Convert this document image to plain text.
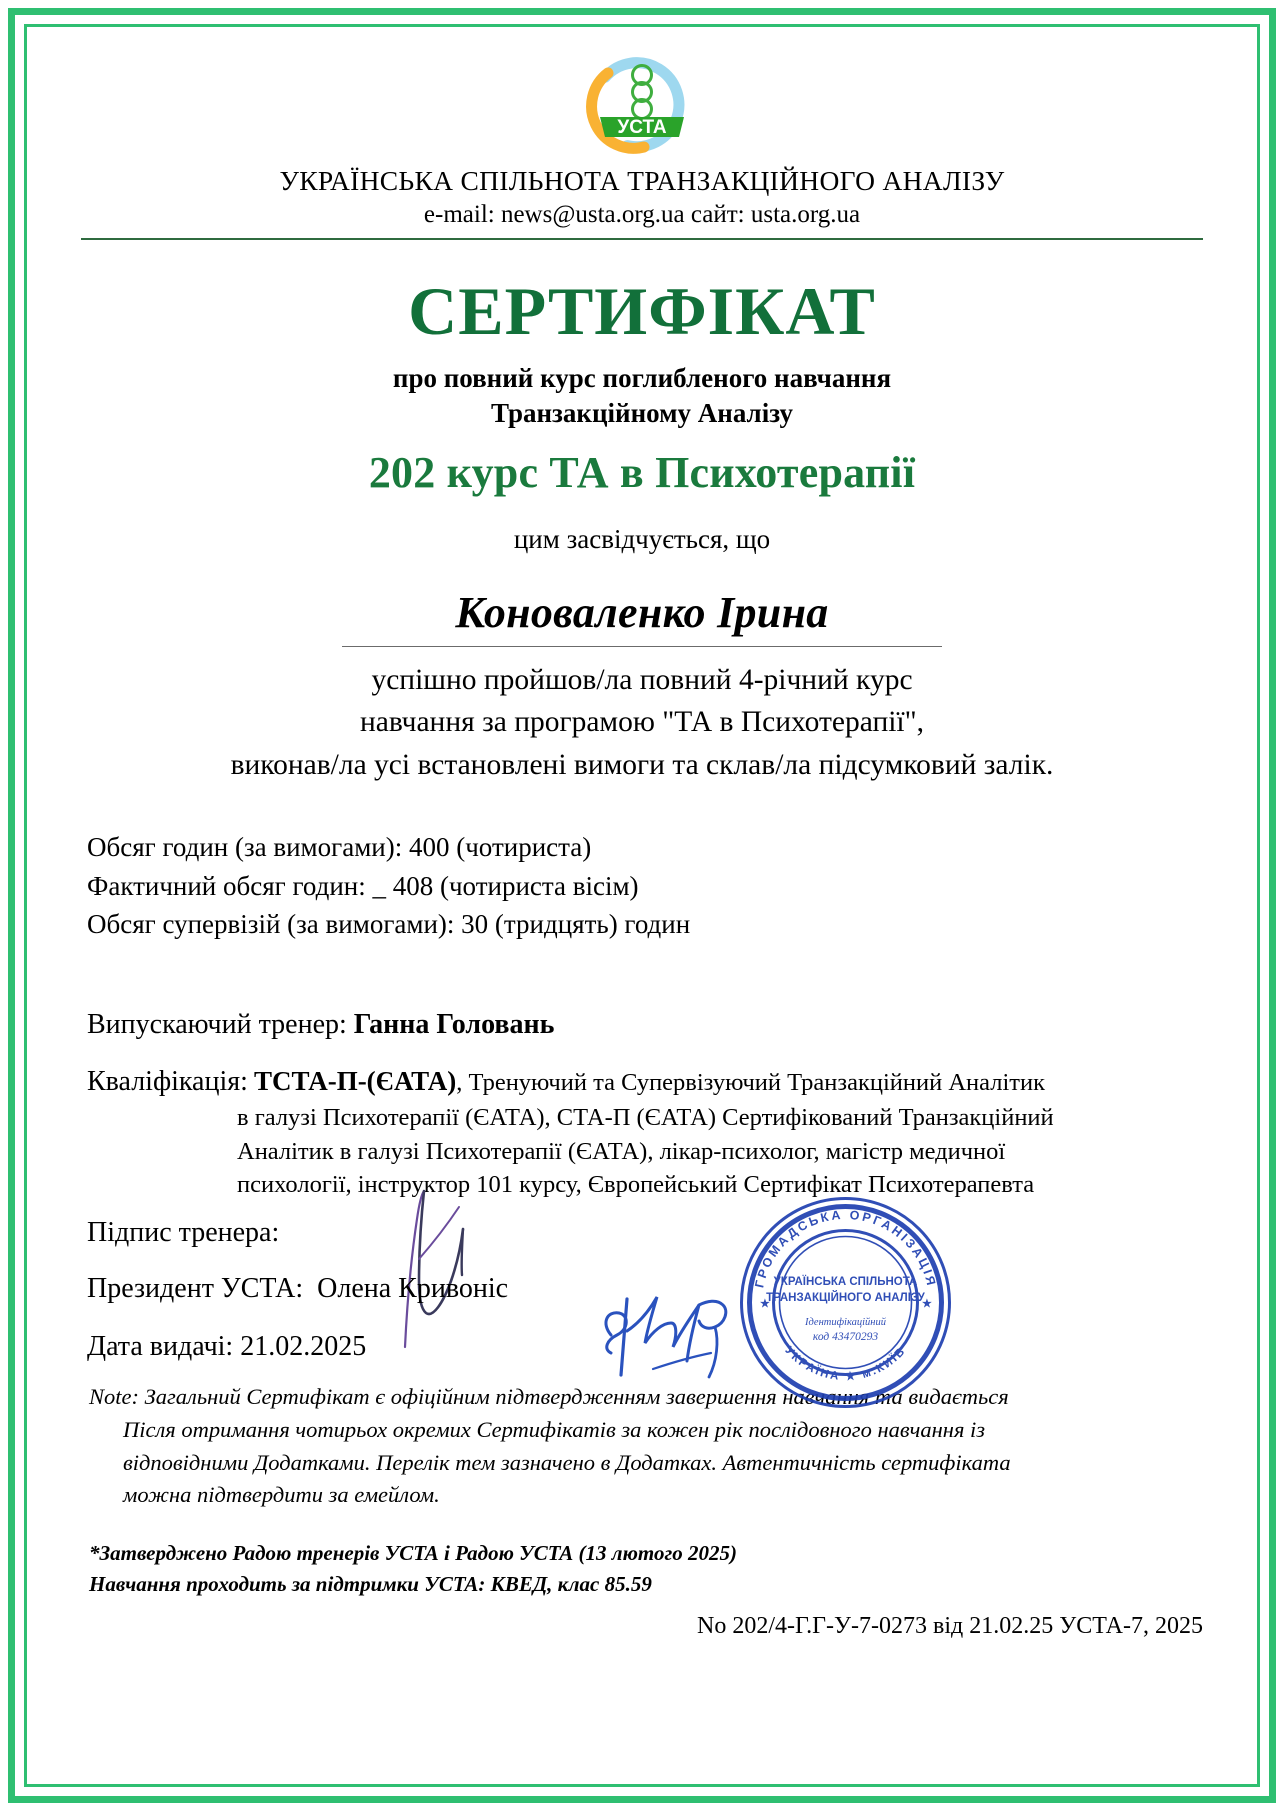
УСТА
УКРАЇНСЬКА СПІЛЬНОТА ТРАНЗАКЦІЙНОГО АНАЛІЗУ
e-mail: news@usta.org.ua сайт: usta.org.ua
СЕРТИФІКАТ
про повний курс поглибленого навчання
Транзакційному Аналізу
202 курс ТА в Психотерапії
цим засвідчується, що
Коноваленко Ірина
успішно пройшов/ла повний 4-річний курс
навчання за програмою "ТА в Психотерапії",
виконав/ла усі встановлені вимоги та склав/ла підсумковий залік.
Обсяг годин (за вимогами): 400 (чотириста)
Фактичний обсяг годин: _ 408 (чотириста вісім)
Обсяг супервізій (за вимогами): 30 (тридцять) годин
Випускаючий тренер: Ганна Головань
Кваліфікація: ТСТА-П-(ЄАТА), Тренуючий та Супервізуючий Транзакційний Аналітик
в галузі Психотерапії (ЄАТА), СТА-П (ЄАТА) Сертифікований Транзакційний
Аналітик в галузі Психотерапії (ЄАТА), лікар-психолог, магістр медичної
психології, інструктор 101 курсу, Європейський Сертифікат Психотерапевта
ГРОМАДСЬКА ОРГАНІЗАЦІЯ
УКРАЇНА ★ м.КИЇВ
УКРАЇНСЬКА СПІЛЬНОТА
ТРАНЗАКЦІЙНОГО АНАЛІЗУ
Ідентифікаційний
код 43470293
★	★
Підпис тренера:
Президент УСТА: Олена Кривоніс
Дата видачі: 21.02.2025
Note: Загальний Сертифікат є офіційним підтвердженням завершення навчання та видається
Після отримання чотирьох окремих Сертифікатів за кожен рік послідовного навчання із
відповідними Додатками. Перелік тем зазначено в Додатках. Автентичність сертифіката
можна підтвердити за емейлом.
*Затверджено Радою тренерів УСТА і Радою УСТА (13 лютого 2025)
Навчання проходить за підтримки УСТА: КВЕД, клас 85.59
No 202/4-Г.Г-У-7-0273 від 21.02.25 УСТА-7, 2025
